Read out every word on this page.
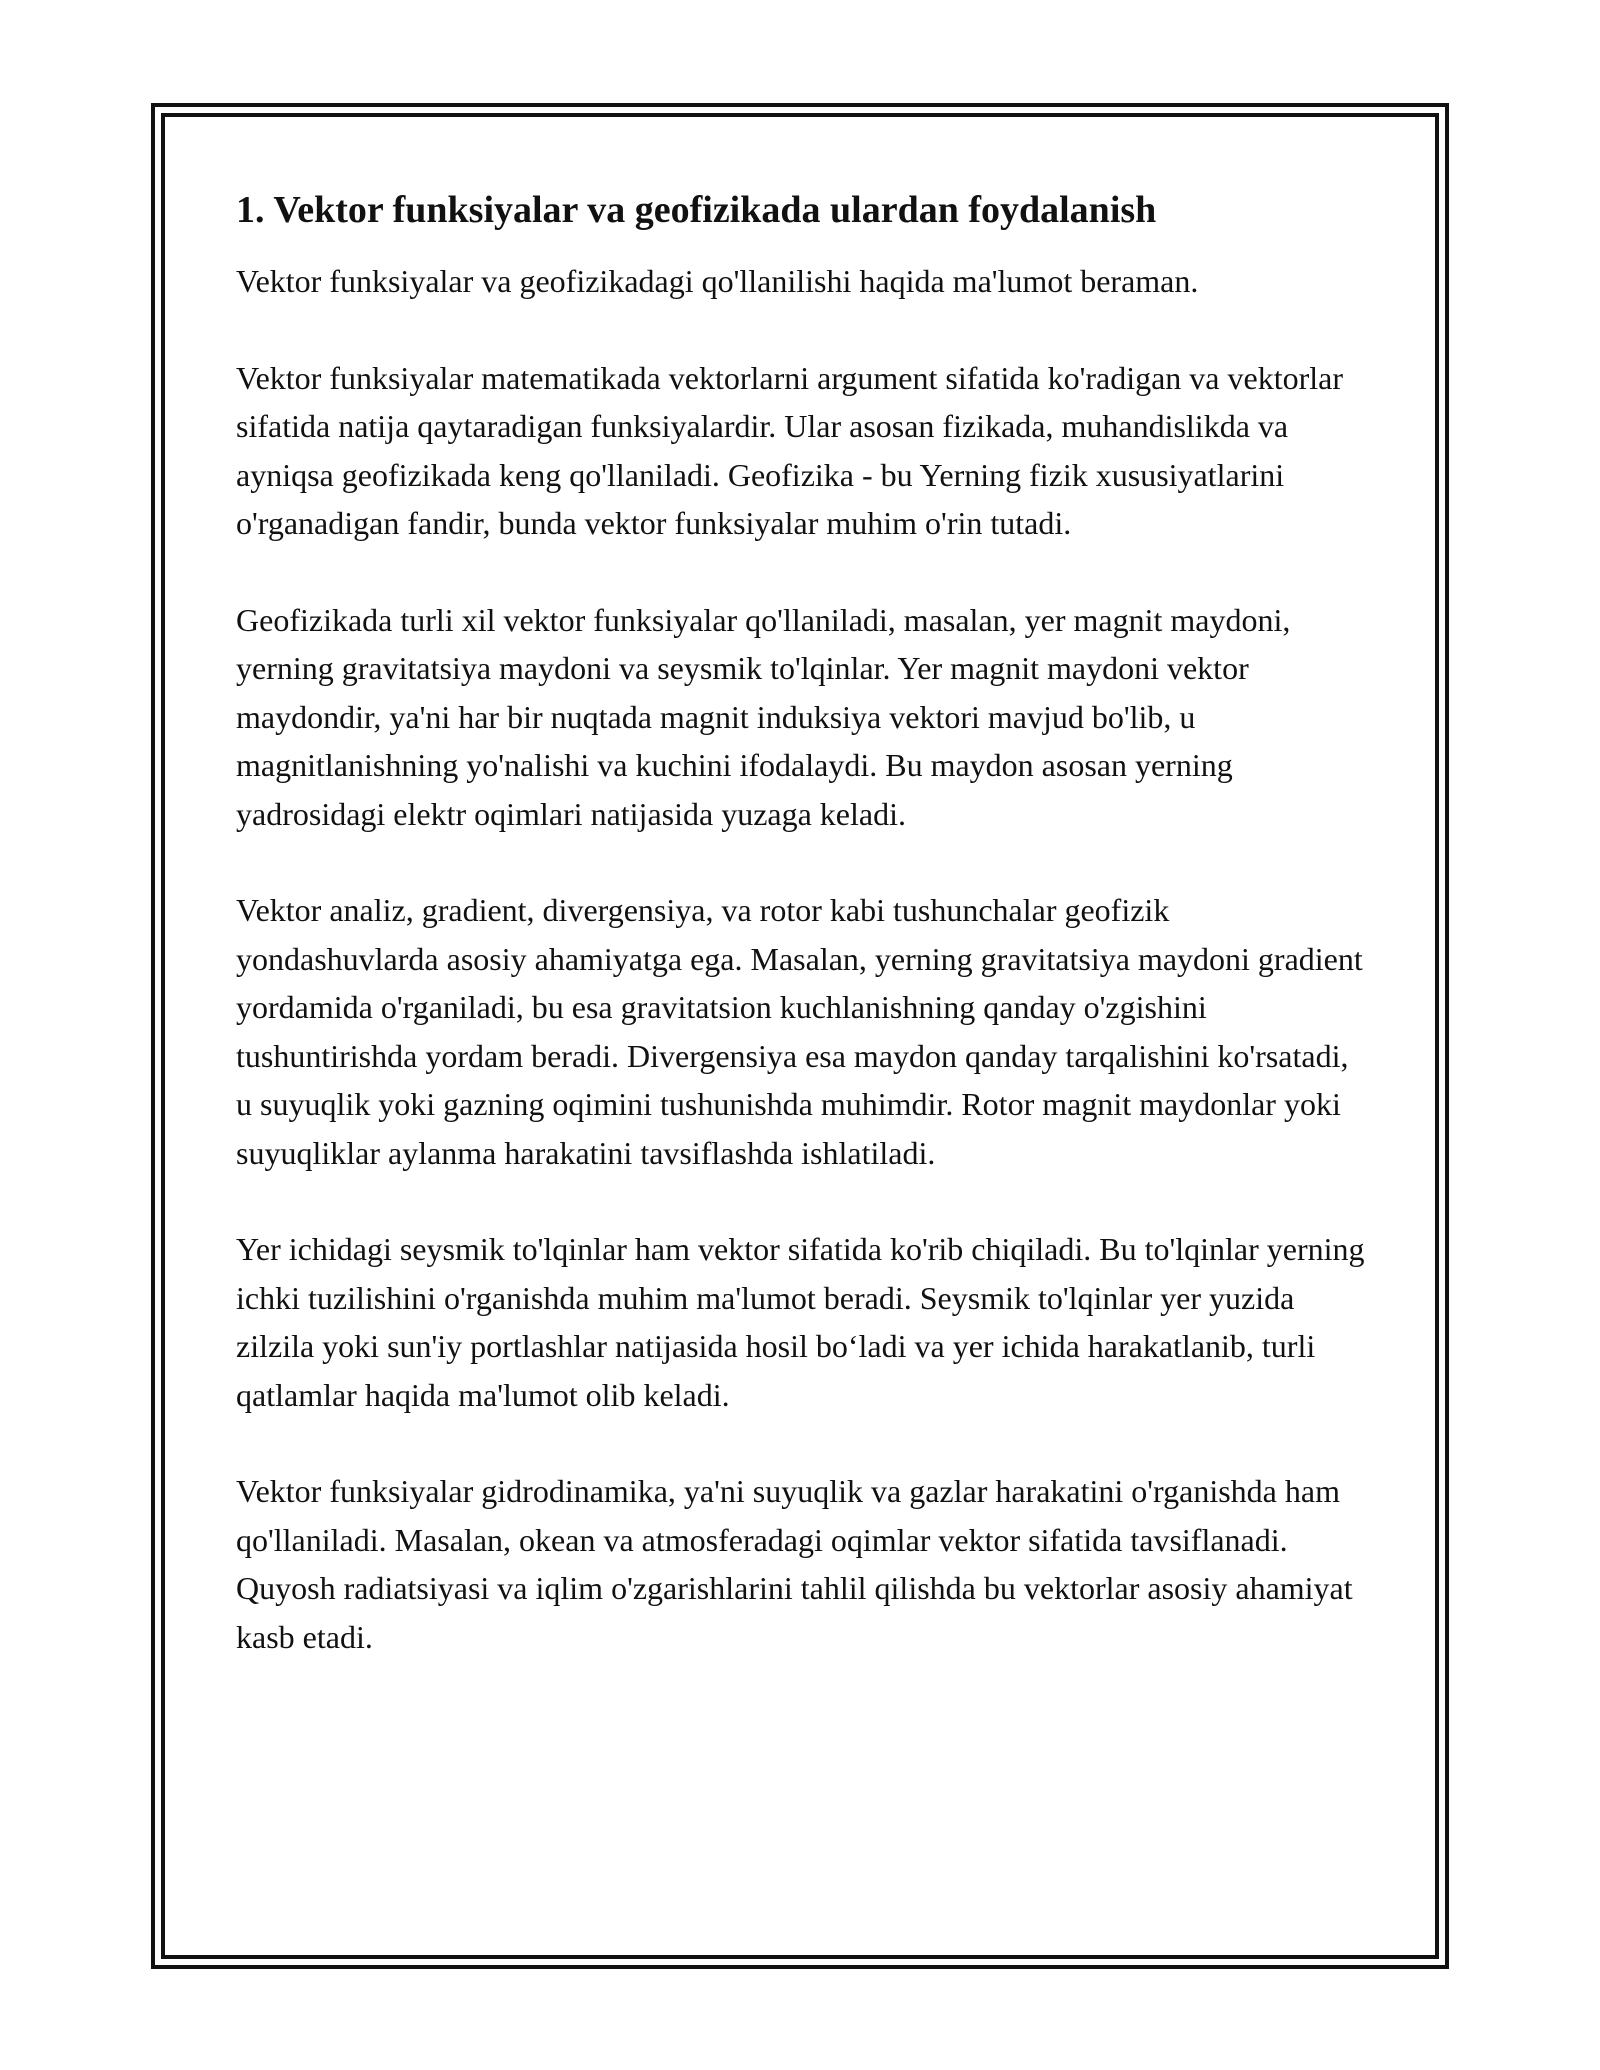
1. Vektor funksiyalar va geofizikada ulardan foydalanish

Vektor funksiyalar va geofizikadagi qo'llanilishi haqida ma'lumot beraman.

Vektor funksiyalar matematikada vektorlarni argument sifatida ko'radigan va vektorlar sifatida natija qaytaradigan funksiyalardir. Ular asosan fizikada, muhandislikda va ayniqsa geofizikada keng qo'llaniladi. Geofizika - bu Yerning fizik xususiyatlarini o'rganadigan fandir, bunda vektor funksiyalar muhim o'rin tutadi.

Geofizikada turli xil vektor funksiyalar qo'llaniladi, masalan, yer magnit maydoni, yerning gravitatsiya maydoni va seysmik to'lqinlar. Yer magnit maydoni vektor maydondir, ya'ni har bir nuqtada magnit induksiya vektori mavjud bo'lib, u magnitlanishning yo'nalishi va kuchini ifodalaydi. Bu maydon asosan yerning yadrosidagi elektr oqimlari natijasida yuzaga keladi.

Vektor analiz, gradient, divergensiya, va rotor kabi tushunchalar geofizik yondashuvlarda asosiy ahamiyatga ega. Masalan, yerning gravitatsiya maydoni gradient yordamida o'rganiladi, bu esa gravitatsion kuchlanishning qanday o'zgishini tushuntirishda yordam beradi. Divergensiya esa maydon qanday tarqalishini ko'rsatadi, u suyuqlik yoki gazning oqimini tushunishda muhimdir. Rotor magnit maydonlar yoki suyuqliklar aylanma harakatini tavsiflashda ishlatiladi.

Yer ichidagi seysmik to'lqinlar ham vektor sifatida ko'rib chiqiladi. Bu to'lqinlar yerning ichki tuzilishini o'rganishda muhim ma'lumot beradi. Seysmik to'lqinlar yer yuzida zilzila yoki sun'iy portlashlar natijasida hosil bo‘ladi va yer ichida harakatlanib, turli qatlamlar haqida ma'lumot olib keladi.

Vektor funksiyalar gidrodinamika, ya'ni suyuqlik va gazlar harakatini o'rganishda ham qo'llaniladi. Masalan, okean va atmosferadagi oqimlar vektor sifatida tavsiflanadi. Quyosh radiatsiyasi va iqlim o'zgarishlarini tahlil qilishda bu vektorlar asosiy ahamiyat kasb etadi.
